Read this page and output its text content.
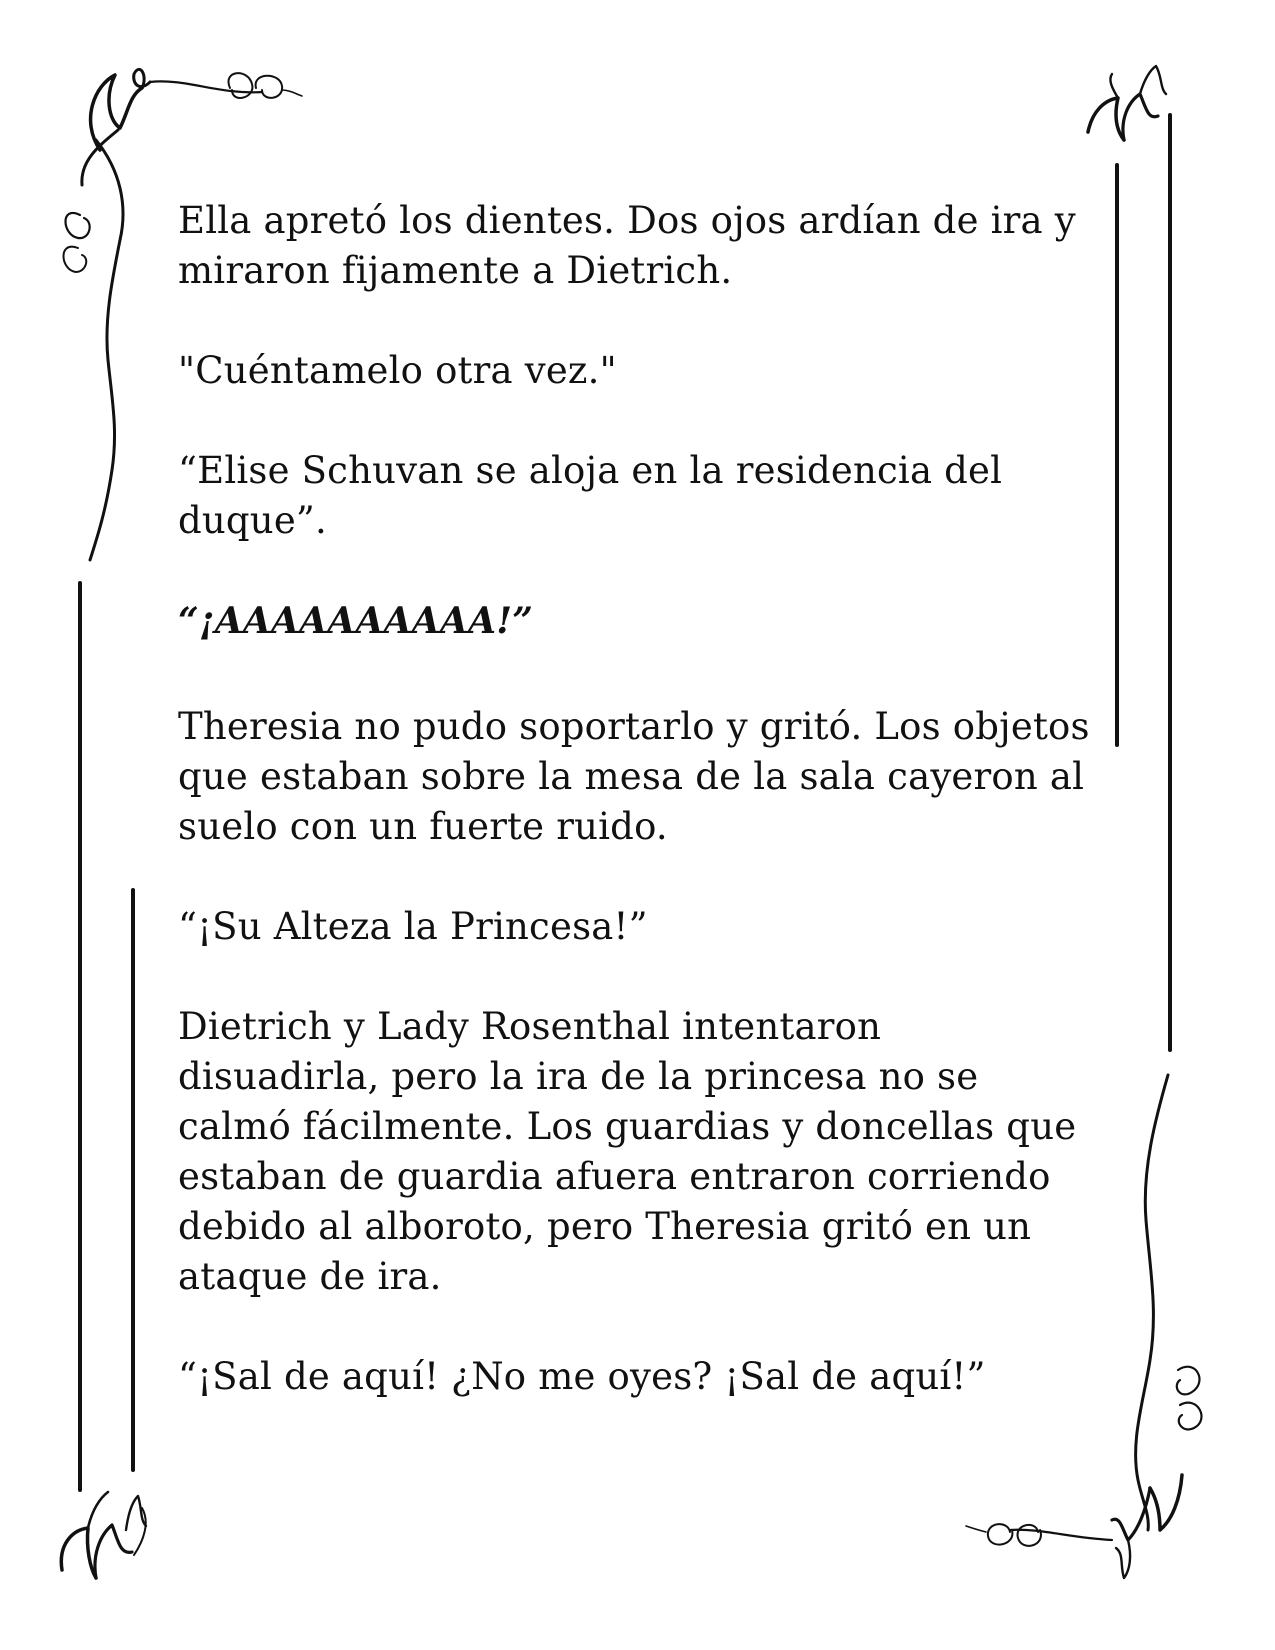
Ella apretó los dientes. Dos ojos ardían de ira y
miraron fijamente a Dietrich.

"Cuéntamelo otra vez."

“Elise Schuvan se aloja en la residencia del
duque”.

“¡AAAAAAAAAA!”

Theresia no pudo soportarlo y gritó. Los objetos
que estaban sobre la mesa de la sala cayeron al
suelo con un fuerte ruido.

“¡Su Alteza la Princesa!”

Dietrich y Lady Rosenthal intentaron
disuadirla, pero la ira de la princesa no se
calmó fácilmente. Los guardias y doncellas que
estaban de guardia afuera entraron corriendo
debido al alboroto, pero Theresia gritó en un
ataque de ira.

“¡Sal de aquí! ¿No me oyes? ¡Sal de aquí!”
